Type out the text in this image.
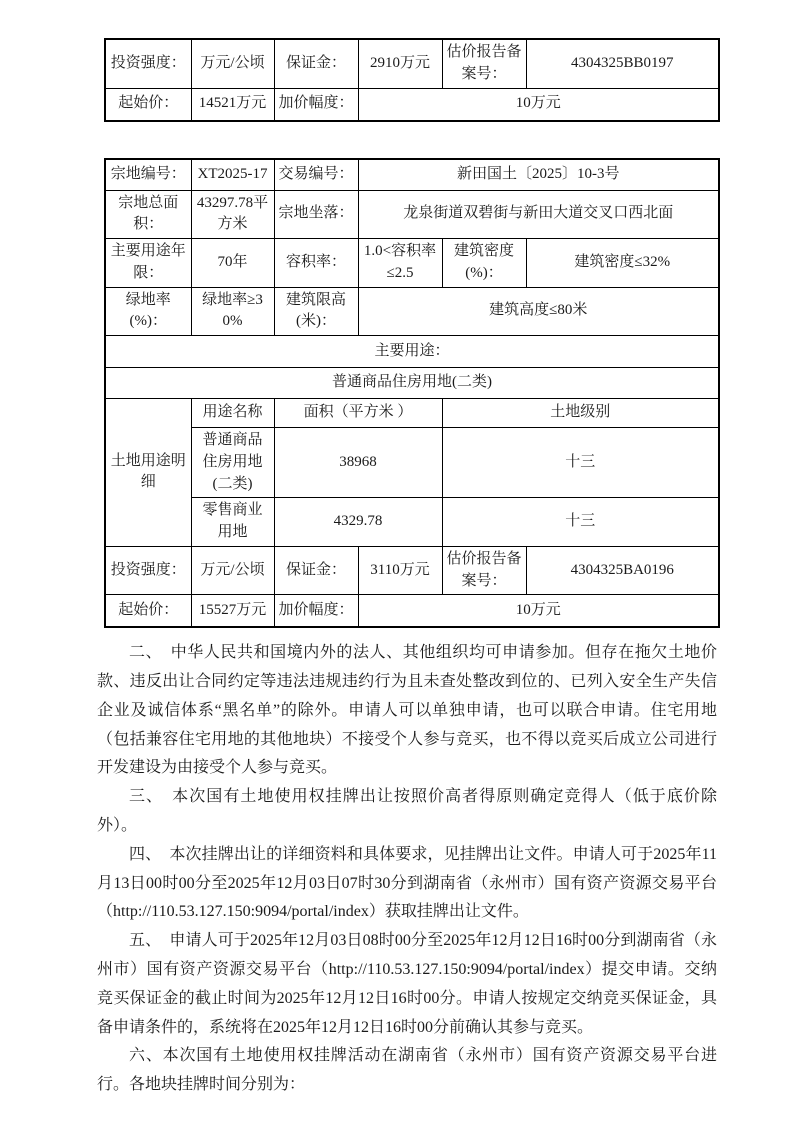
投资强度：	万元/公顷	保证金：	2910万元	估价报告备案号：	4304325BB0197
起始价：	14521万元	加价幅度：	10万元		
宗地编号：	XT2025-17	交易编号：	新田国土〔2025〕10-3号		
宗地总面积：	43297.78平方米	宗地坐落：	龙泉街道双碧街与新田大道交叉口西北面		
主要用途年限：	70年	容积率：	1.0<容积率≤2.5	建筑密度(%)：	建筑密度≤32%
绿地率(%)：	绿地率≥30%	建筑限高(米)：	建筑高度≤80米		
主要用途：					
普通商品住房用地(二类)					
土地用途明细	用途名称	面积（平方米 ）		土地级别	
	普通商品住房用地(二类)	38968		十三	
	零售商业用地	4329.78		十三	
投资强度：	万元/公顷	保证金：	3110万元	估价报告备案号：	4304325BA0196
起始价：	15527万元	加价幅度：	10万元		

二、　中华人民共和国境内外的法人、其他组织均可申请参加。但存在拖欠土地价款、违反出让合同约定等违法违规违约行为且未查处整改到位的、已列入安全生产失信企业及诚信体系“黑名单”的除外。申请人可以单独申请，也可以联合申请。住宅用地（包括兼容住宅用地的其他地块）不接受个人参与竞买，也不得以竞买后成立公司进行开发建设为由接受个人参与竞买。

三、　本次国有土地使用权挂牌出让按照价高者得原则确定竞得人（低于底价除外）。

四、　本次挂牌出让的详细资料和具体要求，见挂牌出让文件。申请人可于2025年11月13日00时00分至2025年12月03日07时30分到湖南省（永州市）国有资产资源交易平台（http://110.53.127.150:9094/portal/index）获取挂牌出让文件。

五、　申请人可于2025年12月03日08时00分至2025年12月12日16时00分到湖南省（永州市）国有资产资源交易平台（http://110.53.127.150:9094/portal/index）提交申请。交纳竞买保证金的截止时间为2025年12月12日16时00分。申请人按规定交纳竞买保证金，具备申请条件的，系统将在2025年12月12日16时00分前确认其参与竞买。

六、本次国有土地使用权挂牌活动在湖南省（永州市）国有资产资源交易平台进行。各地块挂牌时间分别为：
